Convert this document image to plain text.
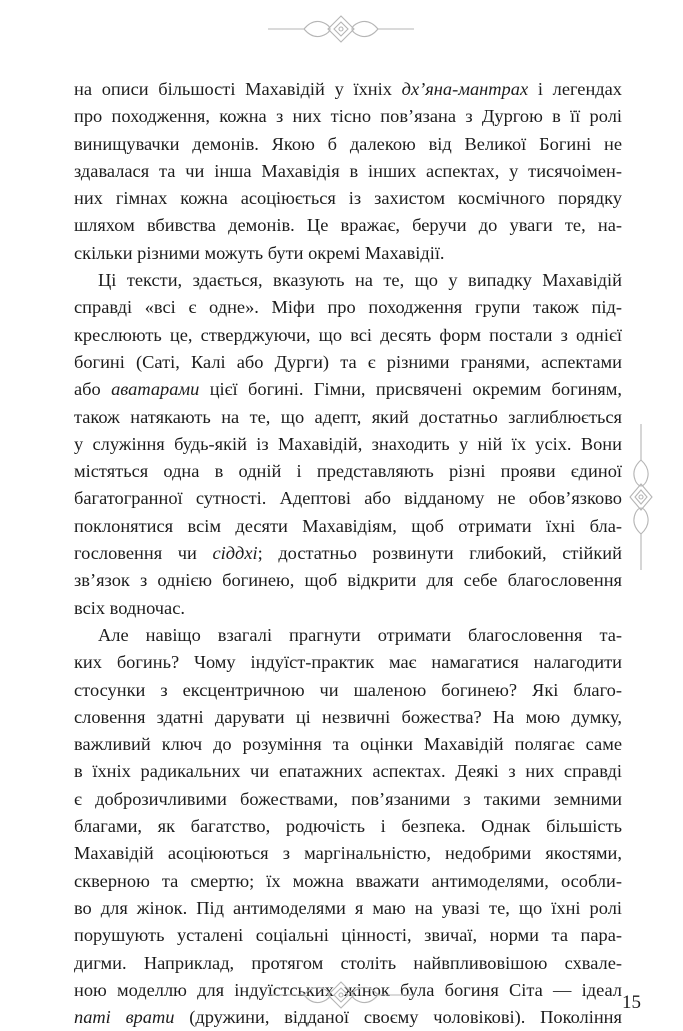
на описи більшості Махавідій у їхніх дх’яна-мантрах і легендах
про походження, кожна з них тісно пов’язана з Дургою в її ролі
винищувачки демонів. Якою б далекою від Великої Богині не
здавалася та чи інша Махавідія в інших аспектах, у тисячоімен-
них гімнах кожна асоціюється із захистом космічного порядку
шляхом вбивства демонів. Це вражає, беручи до уваги те, на-
скільки різними можуть бути окремі Махавідії.
Ці тексти, здається, вказують на те, що у випадку Махавідій
справді «всі є одне». Міфи про походження групи також під-
креслюють це, стверджуючи, що всі десять форм постали з однієї
богині (Саті, Калі або Дурги) та є різними гранями, аспектами
або аватарами цієї богині. Гімни, присвячені окремим богиням,
також натякають на те, що адепт, який достатньо заглиблюється
у служіння будь-якій із Махавідій, знаходить у ній їх усіх. Вони
містяться одна в одній і представляють різні прояви єдиної
багатогранної сутності. Адептові або відданому не обов’язково
поклонятися всім десяти Махавідіям, щоб отримати їхні бла-
гословення чи сіддхі; достатньо розвинути глибокий, стійкий
зв’язок з однією богинею, щоб відкрити для себе благословення
всіх водночас.
Але навіщо взагалі прагнути отримати благословення та-
ких богинь? Чому індуїст-практик має намагатися налагодити
стосунки з ексцентричною чи шаленою богинею? Які благо-
словення здатні дарувати ці незвичні божества? На мою думку,
важливий ключ до розуміння та оцінки Махавідій полягає саме
в їхніх радикальних чи епатажних аспектах. Деякі з них справді
є доброзичливими божествами, пов’язаними з такими земними
благами, як багатство, родючість і безпека. Однак більшість
Махавідій асоціюються з маргінальністю, недобрими якостями,
скверною та смертю; їх можна вважати антимоделями, особли-
во для жінок. Під антимоделями я маю на увазі те, що їхні ролі
порушують усталені соціальні цінності, звичаї, норми та пара-
дигми. Наприклад, протягом століть найвпливовішою схвале-
ною моделлю для індуїстських жінок була богиня Сіта — ідеал
паті врати (дружини, відданої своєму чоловікові). Покоління
15
